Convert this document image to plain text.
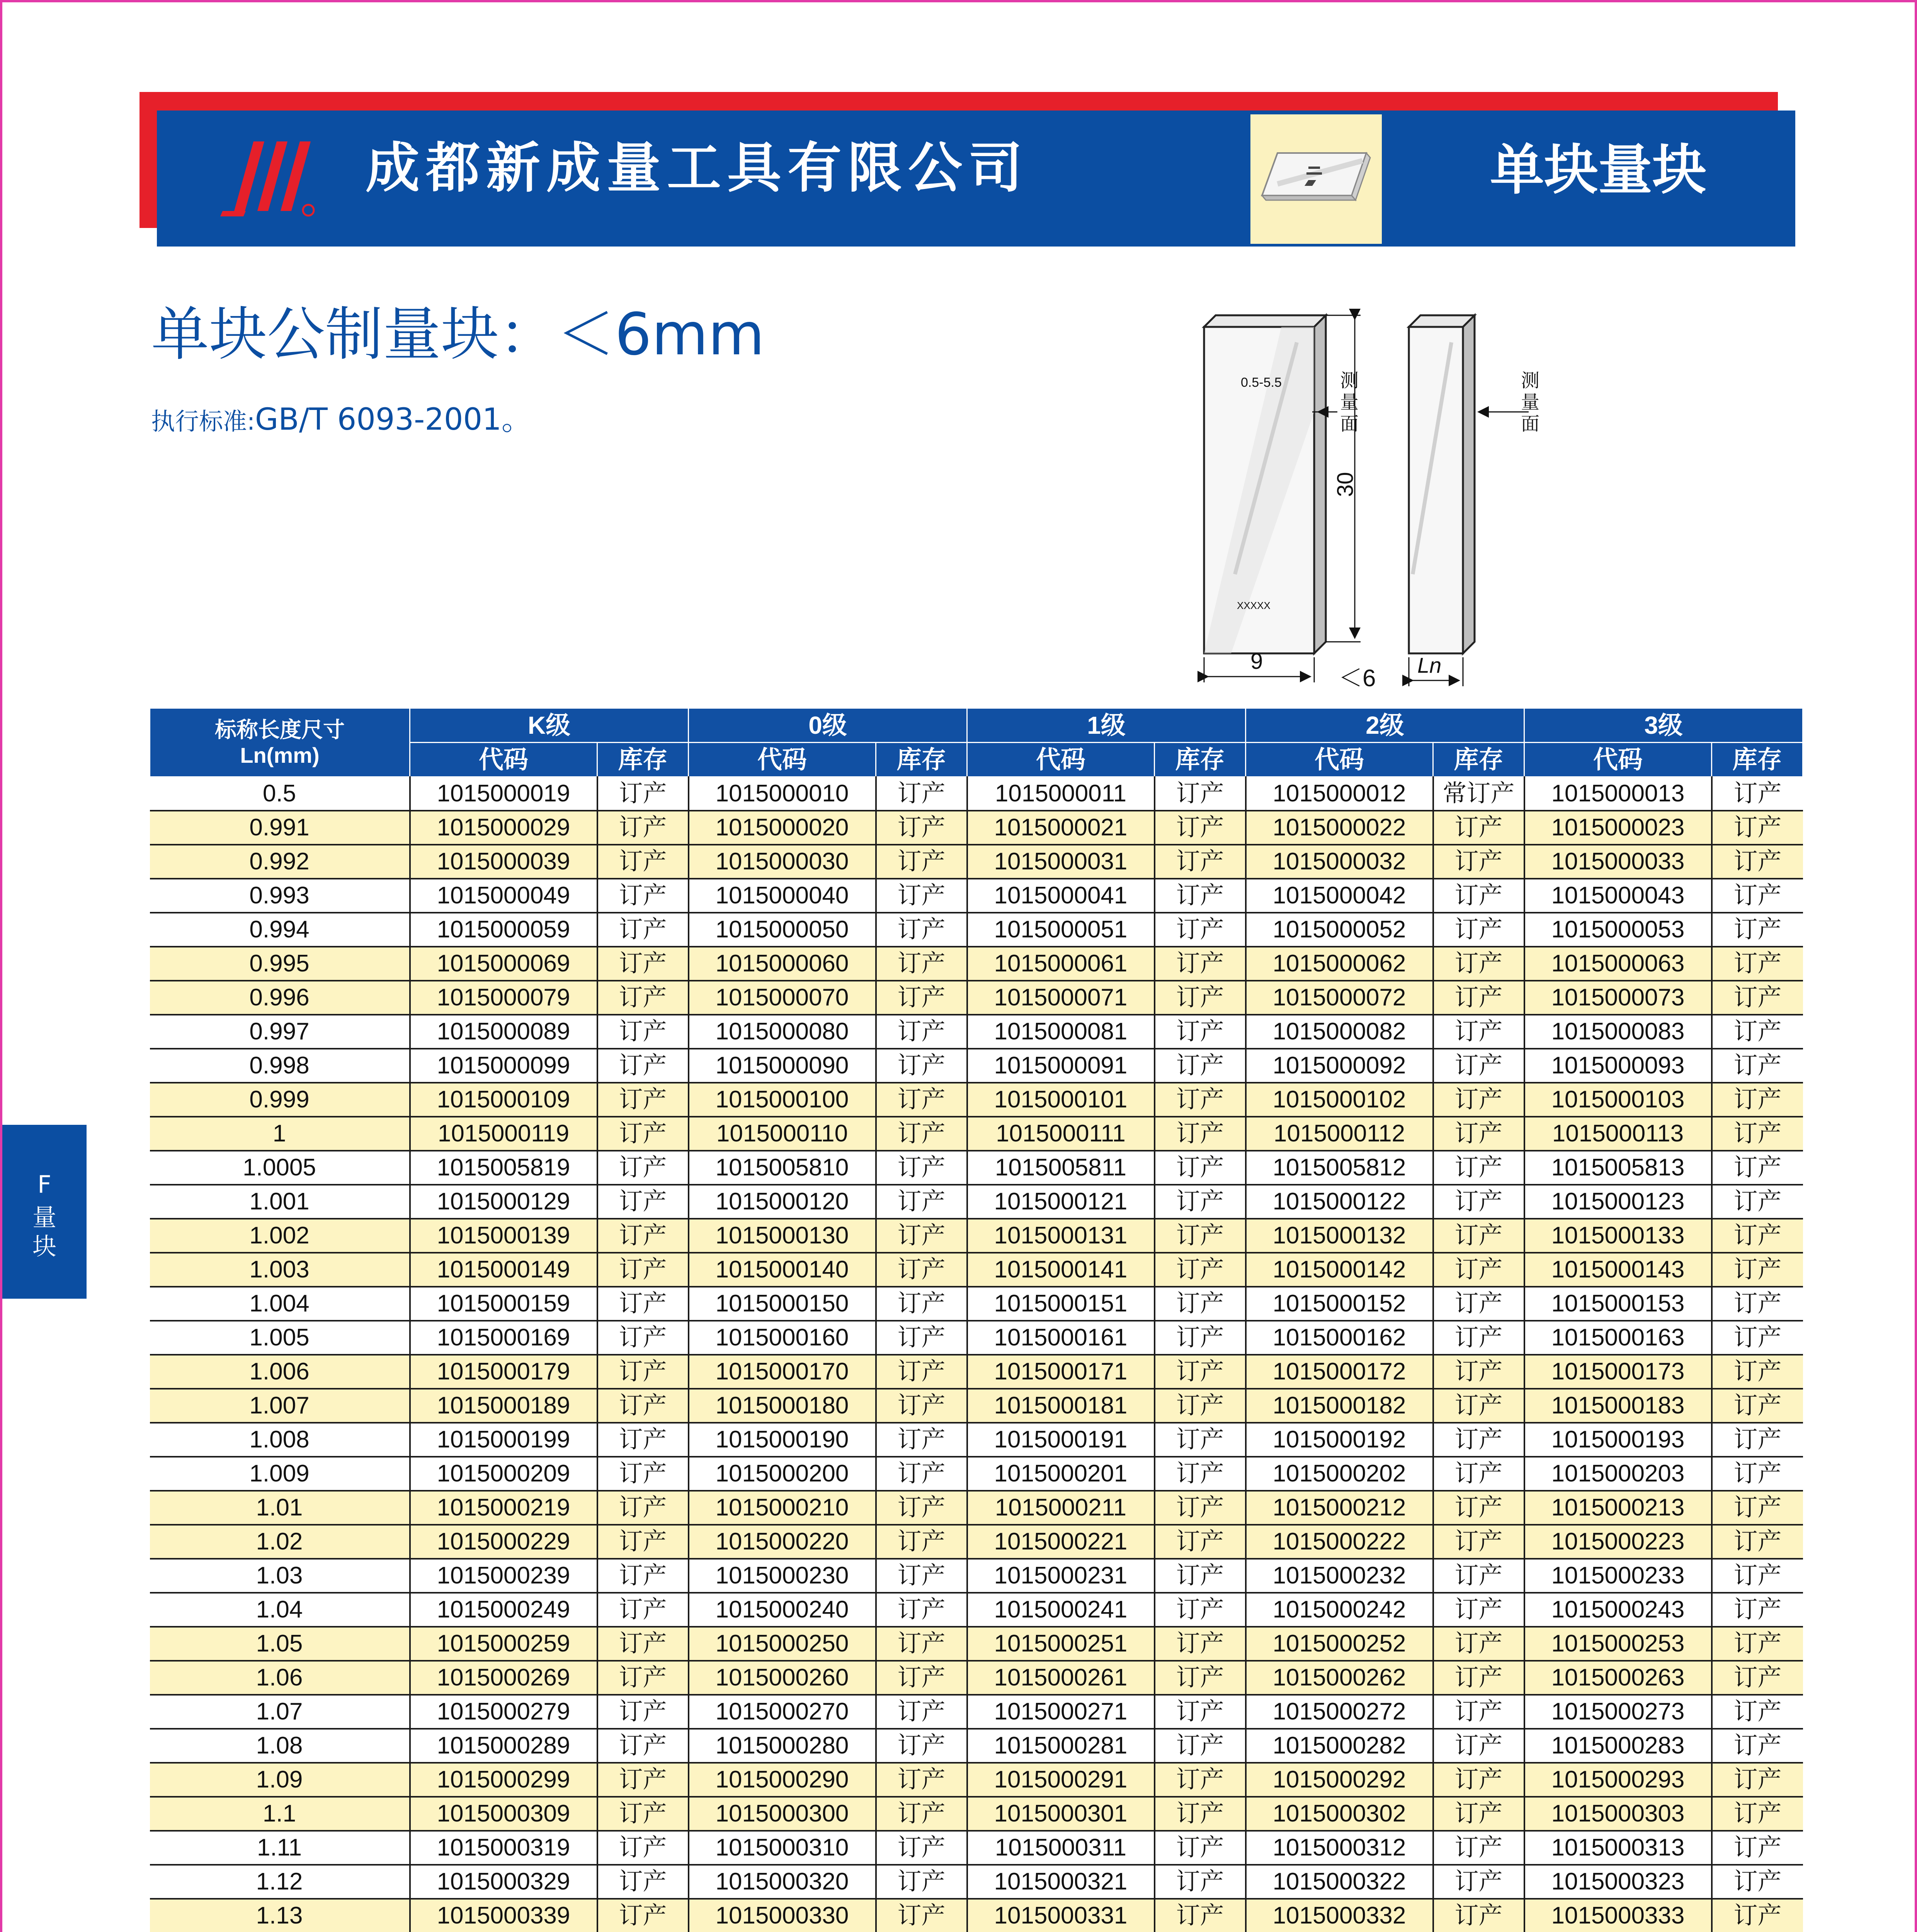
成都新成量工具有限公司	单块量块
单块公制量块：＜6mm
执行标准:GB/T 6093-2001。
0.5-5.5
XXXXX
30
9
＜6
测量面
测量面
Ln
标称长度尺寸
Ln(mm)	K级		0级		1级		2级		3级	
	代码	库存	代码	库存	代码	库存	代码	库存	代码	库存
0.5	1015000019	订产	1015000010	订产	1015000011	订产	1015000012	常订产	1015000013	订产
0.991	1015000029	订产	1015000020	订产	1015000021	订产	1015000022	订产	1015000023	订产
0.992	1015000039	订产	1015000030	订产	1015000031	订产	1015000032	订产	1015000033	订产
0.993	1015000049	订产	1015000040	订产	1015000041	订产	1015000042	订产	1015000043	订产
0.994	1015000059	订产	1015000050	订产	1015000051	订产	1015000052	订产	1015000053	订产
0.995	1015000069	订产	1015000060	订产	1015000061	订产	1015000062	订产	1015000063	订产
0.996	1015000079	订产	1015000070	订产	1015000071	订产	1015000072	订产	1015000073	订产
0.997	1015000089	订产	1015000080	订产	1015000081	订产	1015000082	订产	1015000083	订产
0.998	1015000099	订产	1015000090	订产	1015000091	订产	1015000092	订产	1015000093	订产
0.999	1015000109	订产	1015000100	订产	1015000101	订产	1015000102	订产	1015000103	订产
1	1015000119	订产	1015000110	订产	1015000111	订产	1015000112	订产	1015000113	订产
1.0005	1015005819	订产	1015005810	订产	1015005811	订产	1015005812	订产	1015005813	订产
1.001	1015000129	订产	1015000120	订产	1015000121	订产	1015000122	订产	1015000123	订产
1.002	1015000139	订产	1015000130	订产	1015000131	订产	1015000132	订产	1015000133	订产
1.003	1015000149	订产	1015000140	订产	1015000141	订产	1015000142	订产	1015000143	订产
1.004	1015000159	订产	1015000150	订产	1015000151	订产	1015000152	订产	1015000153	订产
1.005	1015000169	订产	1015000160	订产	1015000161	订产	1015000162	订产	1015000163	订产
1.006	1015000179	订产	1015000170	订产	1015000171	订产	1015000172	订产	1015000173	订产
1.007	1015000189	订产	1015000180	订产	1015000181	订产	1015000182	订产	1015000183	订产
1.008	1015000199	订产	1015000190	订产	1015000191	订产	1015000192	订产	1015000193	订产
1.009	1015000209	订产	1015000200	订产	1015000201	订产	1015000202	订产	1015000203	订产
1.01	1015000219	订产	1015000210	订产	1015000211	订产	1015000212	订产	1015000213	订产
1.02	1015000229	订产	1015000220	订产	1015000221	订产	1015000222	订产	1015000223	订产
1.03	1015000239	订产	1015000230	订产	1015000231	订产	1015000232	订产	1015000233	订产
1.04	1015000249	订产	1015000240	订产	1015000241	订产	1015000242	订产	1015000243	订产
1.05	1015000259	订产	1015000250	订产	1015000251	订产	1015000252	订产	1015000253	订产
1.06	1015000269	订产	1015000260	订产	1015000261	订产	1015000262	订产	1015000263	订产
1.07	1015000279	订产	1015000270	订产	1015000271	订产	1015000272	订产	1015000273	订产
1.08	1015000289	订产	1015000280	订产	1015000281	订产	1015000282	订产	1015000283	订产
1.09	1015000299	订产	1015000290	订产	1015000291	订产	1015000292	订产	1015000293	订产
1.1	1015000309	订产	1015000300	订产	1015000301	订产	1015000302	订产	1015000303	订产
1.11	1015000319	订产	1015000310	订产	1015000311	订产	1015000312	订产	1015000313	订产
1.12	1015000329	订产	1015000320	订产	1015000321	订产	1015000322	订产	1015000323	订产
1.13	1015000339	订产	1015000330	订产	1015000331	订产	1015000332	订产	1015000333	订产

F
量
块
